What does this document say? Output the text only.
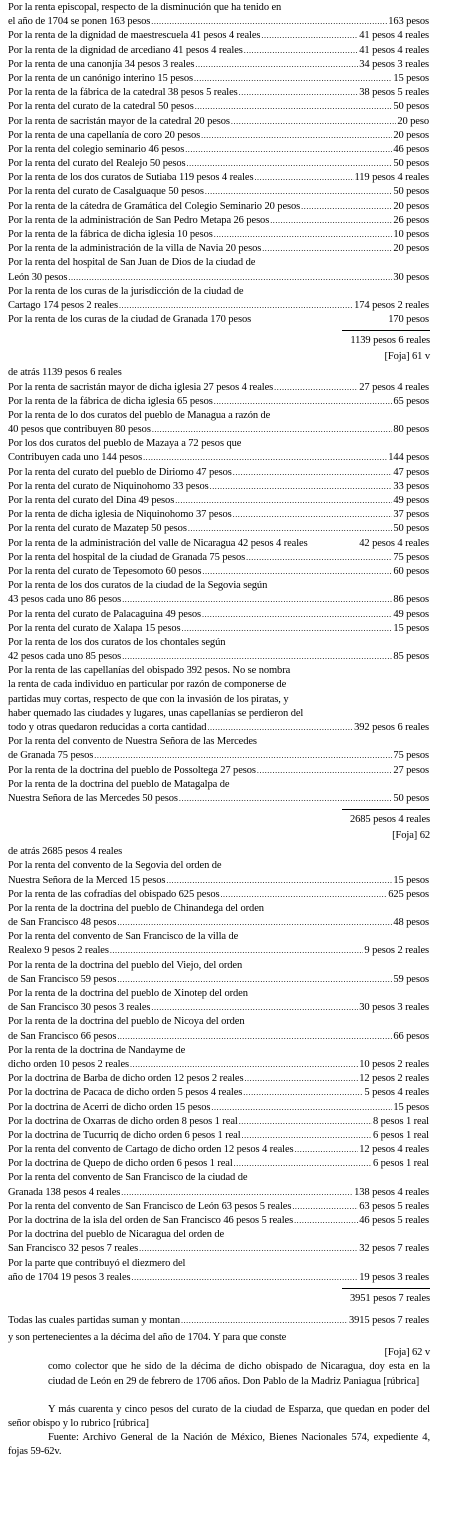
Por la renta episcopal, respecto de la disminución que ha tenido en
el año de 1704 se ponen 163 pesos .....	163 pesos
Por la renta de la dignidad de maestrescuela 41 pesos 4 reales .....	41 pesos 4 reales
Por la renta de la dignidad de arcediano 41 pesos 4 reales .....	41 pesos 4 reales
Por la renta de una canonjía 34 pesos 3 reales .....	34 pesos 3 reales
Por la renta de un canónigo interino 15 pesos .....	15 pesos
Por la renta de la fábrica de la catedral 38 pesos 5 reales .....	38 pesos 5 reales
Por la renta del curato de la catedral 50 pesos .....	50 pesos
Por la renta de sacristán mayor de la catedral 20 pesos .....	20 peso
Por la renta de una capellanía de coro 20 pesos .....	20 pesos
Por la renta del colegio seminario 46 pesos .....	46 pesos
Por la renta del curato del Realejo 50 pesos .....	50 pesos
Por la renta de los dos curatos de Sutiaba 119 pesos 4 reales .....	119 pesos 4 reales
Por la renta del curato de Casalguaque 50 pesos .....	50 pesos
Por la renta de la cátedra de Gramática del Colegio Seminario 20 pesos .....	20 pesos
Por la renta de la administración de San Pedro Metapa 26 pesos .....	26 pesos
Por la renta de la fábrica de dicha iglesia 10 pesos .....	10 pesos
Por la renta de la administración de la villa de Navia 20 pesos .....	20 pesos
Por la renta del hospital de San Juan de Dios de la ciudad de
León 30 pesos .....	30 pesos
Por la renta de los curas de la jurisdicción de la ciudad de
Cartago 174 pesos 2 reales .....	174 pesos 2 reales
Por la renta de los curas de la ciudad de Granada 170 pesos	170 pesos
1139 pesos 6 reales
[Foja] 61 v
de atrás 1139 pesos 6 reales
Por la renta de sacristán mayor de dicha iglesia 27 pesos 4 reales .....	27 pesos 4 reales
Por la renta de la fábrica de dicha iglesia 65 pesos .....	65 pesos
Por la renta de lo dos curatos del pueblo de Managua a razón de
40 pesos que contribuyen 80 pesos .....	80 pesos
Por los dos curatos del pueblo de Mazaya a 72 pesos que
Contribuyen cada uno 144 pesos .....	144 pesos
Por la renta del curato del pueblo de Diriomo 47 pesos .....	47 pesos
Por la renta del curato de Niquinohomo 33 pesos .....	33 pesos
Por la renta del curato del Dina 49 pesos .....	49 pesos
Por la renta de dicha iglesia de Niquinohomo 37 pesos .....	37 pesos
Por la renta del curato de Mazatep 50 pesos .....	50 pesos
Por la renta de la administración del valle de Nicaragua 42 pesos 4 reales	42 pesos 4 reales
Por la renta del hospital de la ciudad de Granada 75 pesos .....	75 pesos
Por la renta del curato de Tepesomoto 60 pesos .....	60 pesos
Por la renta de los dos curatos de la ciudad de la Segovia según
43 pesos cada uno 86 pesos .....	86 pesos
Por la renta del curato de Palacaguina 49 pesos .....	49 pesos
Por la renta del curato de Xalapa 15 pesos .....	15 pesos
Por la renta de los dos curatos de los chontales según
42 pesos cada uno 85 pesos .....	85 pesos
Por la renta de las capellanías del obispado 392 pesos. No se nombra
la renta de cada individuo en particular por razón de componerse de
partidas muy cortas, respecto de que con la invasión de los piratas, y
haber quemado las ciudades y lugares, unas capellanías se perdieron del
todo y otras quedaron reducidas a corta cantidad .....	392 pesos 6 reales
Por la renta del convento de Nuestra Señora de las Mercedes
de Granada 75 pesos .....	75 pesos
Por la renta de la doctrina del pueblo de Possoltega 27 pesos .....	27 pesos
Por la renta de la doctrina del pueblo de Matagalpa de
Nuestra Señora de las Mercedes 50 pesos .....	50 pesos
2685 pesos 4 reales
[Foja] 62
de atrás 2685 pesos 4 reales
Por la renta del convento de la Segovia del orden de
Nuestra Señora de la Merced 15 pesos .....	15 pesos
Por la renta de las cofradías del obispado 625 pesos .....	625 pesos
Por la renta de la doctrina del pueblo de Chinandega del orden
de San Francisco 48 pesos .....	48 pesos
Por la renta del convento de San Francisco de la villa de
Realexo 9 pesos 2 reales .....	9 pesos 2 reales
Por la renta de la doctrina del pueblo del Viejo, del orden
de San Francisco 59 pesos .....	59 pesos
Por la renta de la doctrina del pueblo de Xinotep del orden
de San Francisco 30 pesos 3 reales .....	30 pesos 3 reales
Por la renta de la doctrina del pueblo de Nicoya del orden
de San Francisco 66 pesos .....	66 pesos
Por la renta de la doctrina de Nandayme de
dicho orden 10 pesos 2 reales .....	10 pesos 2 reales
Por la doctrina de Barba de dicho orden 12 pesos 2 reales .....	12 pesos 2 reales
Por la doctrina de Pacaca de dicho orden 5 pesos 4 reales .....	5 pesos 4 reales
Por la doctrina de Acerri de dicho orden 15 pesos .....	15 pesos
Por la doctrina de Oxarras de dicho orden 8 pesos 1 real .....	8 pesos 1 real
Por la doctrina de Tucurriq de dicho orden 6 pesos 1 real .....	6 pesos 1 real
Por la renta del convento de Cartago de dicho orden 12 pesos 4 reales .....	12 pesos 4 reales
Por la doctrina de Quepo de dicho orden 6 pesos 1 real .....	6 pesos 1 real
Por la renta del convento de San Francisco de la ciudad de
Granada 138 pesos 4 reales .....	138 pesos 4 reales
Por la renta del convento de San Francisco de León 63 pesos 5 reales .....	63 pesos 5 reales
Por la doctrina de la isla del orden de San Francisco 46 pesos 5 reales .....	46 pesos 5 reales
Por la doctrina del pueblo de Nicaragua del orden de
San Francisco 32 pesos 7 reales .....	32 pesos 7 reales
Por la parte que contribuyó el diezmero del
año de 1704 19 pesos 3 reales .....	19 pesos 3 reales
3951 pesos 7 reales
Todas las cuales partidas suman y montan .....	3915 pesos 7 reales
y son pertenecientes a la décima del año de 1704. Y para que conste
[Foja] 62 v
como colector que he sido de la décima de dicho obispado de Nicaragua, doy esta en la ciudad de León en 29 de febrero de 1706 años. Don Pablo de la Madriz Paniagua [rúbrica]
Y más cuarenta y cinco pesos del curato de la ciudad de Esparza, que quedan en poder del señor obispo y lo rubrico [rúbrica]
Fuente: Archivo General de la Nación de México, Bienes Nacionales 574, expediente 4, fojas 59-62v.
